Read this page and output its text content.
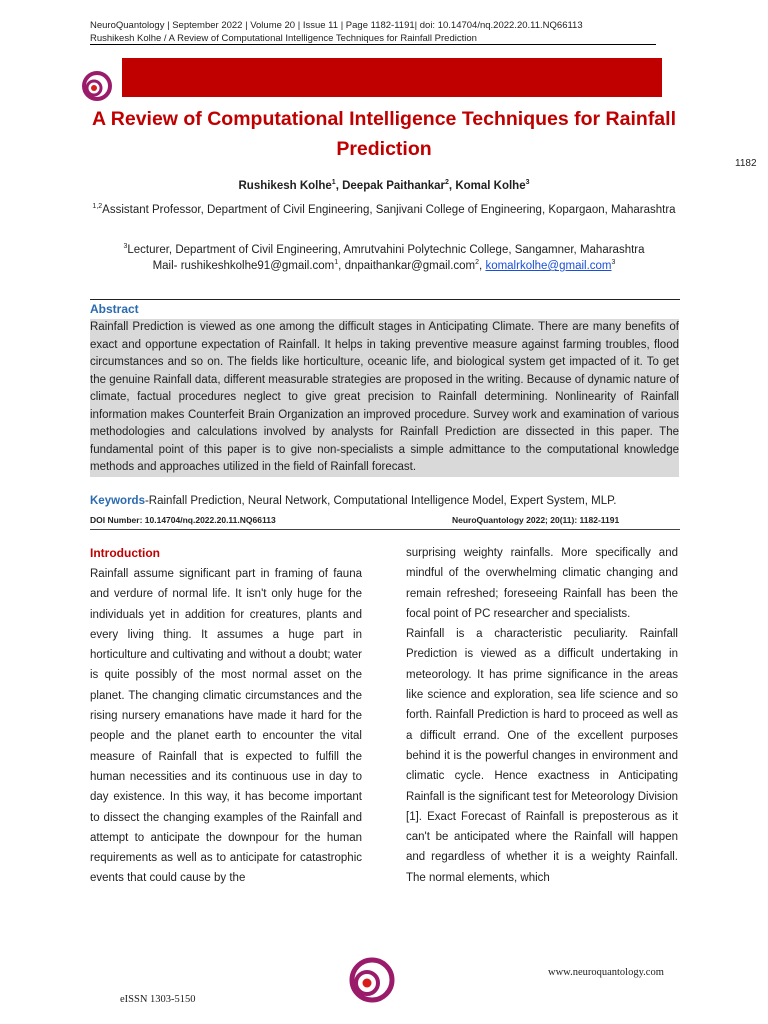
NeuroQuantology | September 2022 | Volume 20 | Issue 11 | Page 1182-1191| doi: 10.14704/nq.2022.20.11.NQ66113
Rushikesh Kolhe / A Review of Computational Intelligence Techniques for Rainfall Prediction
A Review of Computational Intelligence Techniques for Rainfall Prediction
1182
Rushikesh Kolhe$^1$, Deepak Paithankar$^2$, Komal Kolhe$^3$
$^{1,2}$Assistant Professor, Department of Civil Engineering, Sanjivani College of Engineering, Kopargaon, Maharashtra
$^3$Lecturer, Department of Civil Engineering, Amrutvahini Polytechnic College, Sangamner, Maharashtra
Mail- rushikeshkolhe91@gmail.com$^1$, dnpaithankar@gmail.com$^2$, komalrkolhe@gmail.com$^3$
Abstract
Rainfall Prediction is viewed as one among the difficult stages in Anticipating Climate. There are many benefits of exact and opportune expectation of Rainfall. It helps in taking preventive measure against farming troubles, flood circumstances and so on. The fields like horticulture, oceanic life, and biological system get impacted of it. To get the genuine Rainfall data, different measurable strategies are proposed in the writing. Because of dynamic nature of climate, factual procedures neglect to give great precision to Rainfall determining. Nonlinearity of Rainfall information makes Counterfeit Brain Organization an improved procedure. Survey work and examination of various methodologies and calculations involved by analysts for Rainfall Prediction are dissected in this paper. The fundamental point of this paper is to give non-specialists a simple admittance to the computational knowledge methods and approaches utilized in the field of Rainfall forecast.
Keywords-Rainfall Prediction, Neural Network, Computational Intelligence Model, Expert System, MLP.
DOI Number: 10.14704/nq.2022.20.11.NQ66113	NeuroQuantology 2022; 20(11): 1182-1191
Introduction

Rainfall assume significant part in framing of fauna and verdure of normal life. It isn't only huge for the individuals yet in addition for creatures, plants and every living thing. It assumes a huge part in horticulture and cultivating and without a doubt; water is quite possibly of the most normal asset on the planet. The changing climatic circumstances and the rising nursery emanations have made it hard for the people and the planet earth to encounter the vital measure of Rainfall that is expected to fulfill the human necessities and its continuous use in day to day existence. In this way, it has become important to dissect the changing examples of the Rainfall and attempt to anticipate the downpour for the human requirements as well as to anticipate for catastrophic events that could cause by the

surprising weighty rainfalls. More specifically and mindful of the overwhelming climatic changing and remain refreshed; foreseeing Rainfall has been the focal point of PC researcher and specialists.

Rainfall is a characteristic peculiarity. Rainfall Prediction is viewed as a difficult undertaking in meteorology. It has prime significance in the areas like science and exploration, sea life science and so forth. Rainfall Prediction is hard to proceed as well as a difficult errand. One of the excellent purposes behind it is the powerful changes in environment and climatic cycle. Hence exactness in Anticipating Rainfall is the significant test for Meteorology Division [1]. Exact Forecast of Rainfall is preposterous as it can't be anticipated where the Rainfall will happen and regardless of whether it is a weighty Rainfall. The normal elements, which

www.neuroquantology.com
eISSN 1303-5150
